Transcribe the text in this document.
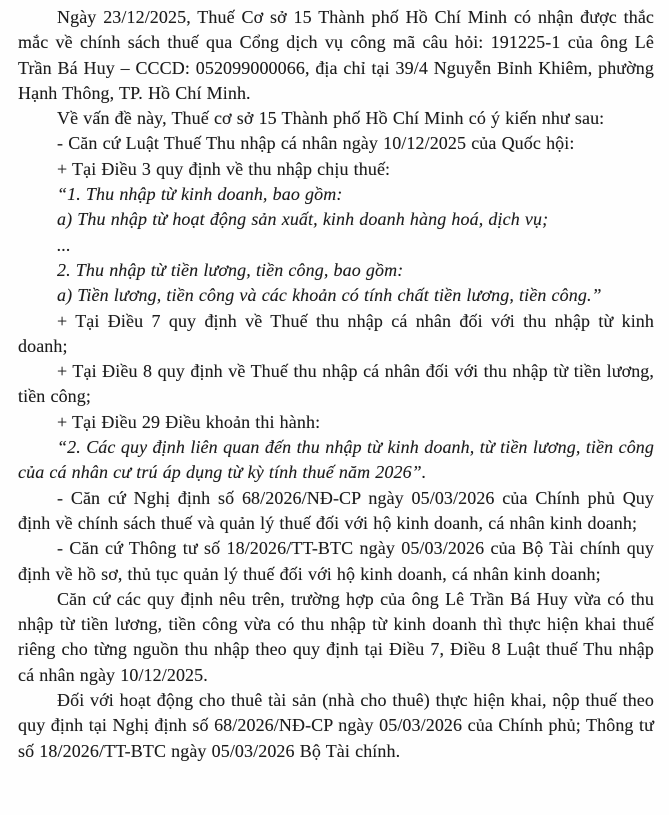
Ngày 23/12/2025, Thuế Cơ sở 15 Thành phố Hồ Chí Minh có nhận được thắc mắc về chính sách thuế qua Cổng dịch vụ công mã câu hỏi: 191225-1 của ông Lê Trần Bá Huy – CCCD: 052099000066, địa chỉ tại 39/4 Nguyễn Bỉnh Khiêm, phường Hạnh Thông, TP. Hồ Chí Minh.

Về vấn đề này, Thuế cơ sở 15 Thành phố Hồ Chí Minh có ý kiến như sau:

- Căn cứ Luật Thuế Thu nhập cá nhân ngày 10/12/2025 của Quốc hội:

+ Tại Điều 3 quy định về thu nhập chịu thuế:

“1. Thu nhập từ kinh doanh, bao gồm:

a) Thu nhập từ hoạt động sản xuất, kinh doanh hàng hoá, dịch vụ;

...

2. Thu nhập từ tiền lương, tiền công, bao gồm:

a) Tiền lương, tiền công và các khoản có tính chất tiền lương, tiền công.”

+ Tại Điều 7 quy định về Thuế thu nhập cá nhân đối với thu nhập từ kinh doanh;

+ Tại Điều 8 quy định về Thuế thu nhập cá nhân đối với thu nhập từ tiền lương, tiền công;

+ Tại Điều 29 Điều khoản thi hành:

“2. Các quy định liên quan đến thu nhập từ kinh doanh, từ tiền lương, tiền công của cá nhân cư trú áp dụng từ kỳ tính thuế năm 2026”.

- Căn cứ Nghị định số 68/2026/NĐ-CP ngày 05/03/2026 của Chính phủ Quy định về chính sách thuế và quản lý thuế đối với hộ kinh doanh, cá nhân kinh doanh;

- Căn cứ Thông tư số 18/2026/TT-BTC ngày 05/03/2026 của Bộ Tài chính quy định về hồ sơ, thủ tục quản lý thuế đối với hộ kinh doanh, cá nhân kinh doanh;

Căn cứ các quy định nêu trên, trường hợp của ông Lê Trần Bá Huy vừa có thu nhập từ tiền lương, tiền công vừa có thu nhập từ kinh doanh thì thực hiện khai thuế riêng cho từng nguồn thu nhập theo quy định tại Điều 7, Điều 8 Luật thuế Thu nhập cá nhân ngày 10/12/2025.

Đối với hoạt động cho thuê tài sản (nhà cho thuê) thực hiện khai, nộp thuế theo quy định tại Nghị định số 68/2026/NĐ-CP ngày 05/03/2026 của Chính phủ; Thông tư số 18/2026/TT-BTC ngày 05/03/2026 Bộ Tài chính.
